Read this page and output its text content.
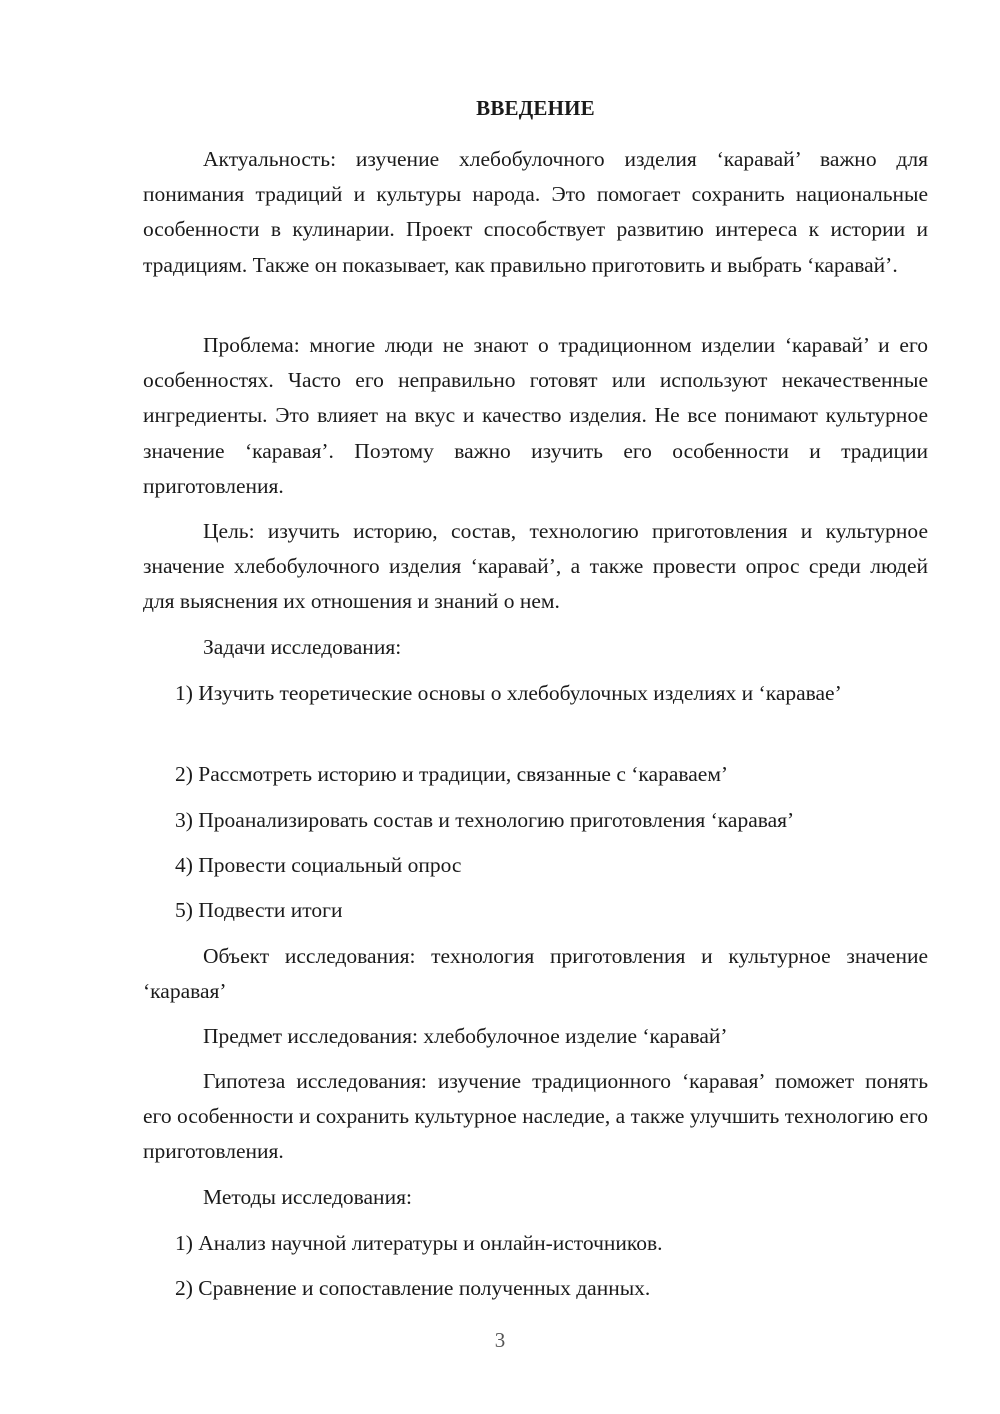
ВВЕДЕНИЕ

Актуальность: изучение хлебобулочного изделия ‘каравай’ важно для понимания традиций и культуры народа. Это помогает сохранить национальные особенности в кулинарии. Проект способствует развитию интереса к истории и традициям. Также он показывает, как правильно приготовить и выбрать ‘каравай’.

Проблема: многие люди не знают о традиционном изделии ‘каравай’ и его особенностях. Часто его неправильно готовят или используют некачественные ингредиенты. Это влияет на вкус и качество изделия. Не все понимают культурное значение ‘каравая’. Поэтому важно изучить его особенности и традиции приготовления.

Цель: изучить историю, состав, технологию приготовления и культурное значение хлебобулочного изделия ‘каравай’, а также провести опрос среди людей для выяснения их отношения и знаний о нем.

Задачи исследования:

1) Изучить теоретические основы о хлебобулочных изделиях и ‘каравае’

2) Рассмотреть историю и традиции, связанные с ‘караваем’

3) Проанализировать состав и технологию приготовления ‘каравая’

4) Провести социальный опрос

5) Подвести итоги

Объект исследования: технология приготовления и культурное значение ‘каравая’

Предмет исследования: хлебобулочное изделие ‘каравай’

Гипотеза исследования: изучение традиционного ‘каравая’ поможет понять его особенности и сохранить культурное наследие, а также улучшить технологию его приготовления.

Методы исследования:

1) Анализ научной литературы и онлайн-источников.

2) Сравнение и сопоставление полученных данных.

3
